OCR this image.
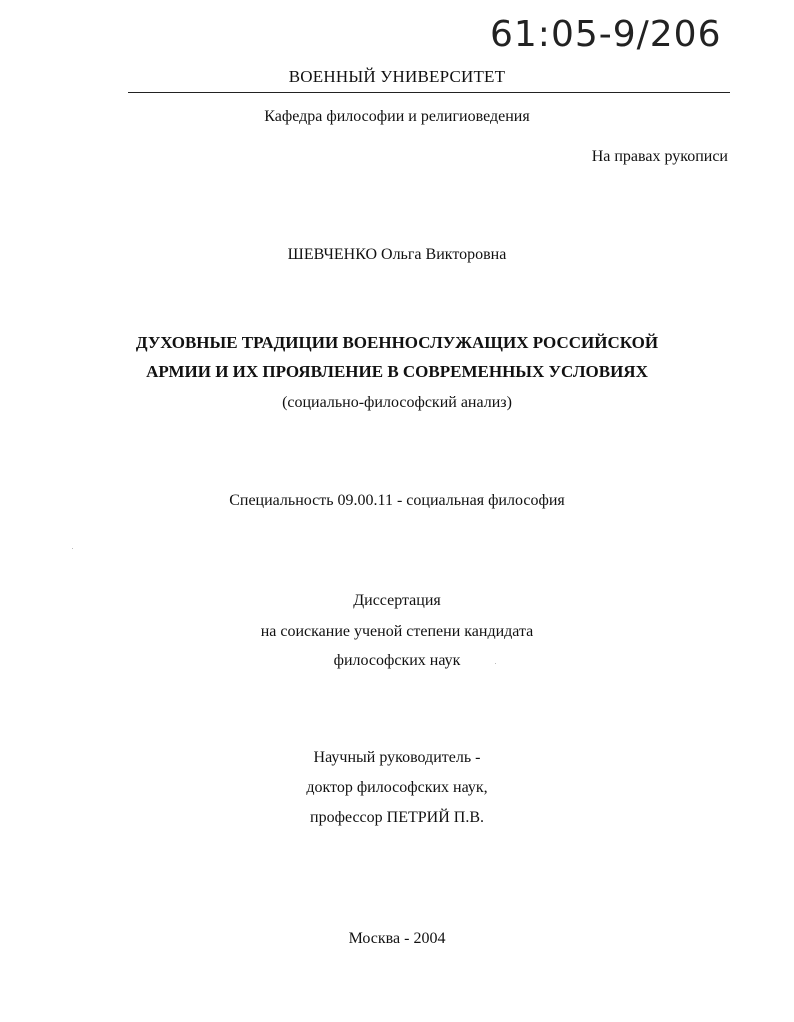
61:05-9/206
ВОЕННЫЙ УНИВЕРСИТЕТ
Кафедра философии и религиоведения
На правах рукописи
ШЕВЧЕНКО Ольга Викторовна
ДУХОВНЫЕ ТРАДИЦИИ ВОЕННОСЛУЖАЩИХ РОССИЙСКОЙ
АРМИИ И ИХ ПРОЯВЛЕНИЕ В СОВРЕМЕННЫХ УСЛОВИЯХ
(социально-философский анализ)
Специальность 09.00.11 - социальная философия
Диссертация
на соискание ученой степени кандидата
философских наук
Научный руководитель -
доктор философских наук,
профессор ПЕТРИЙ П.В.
Москва - 2004
